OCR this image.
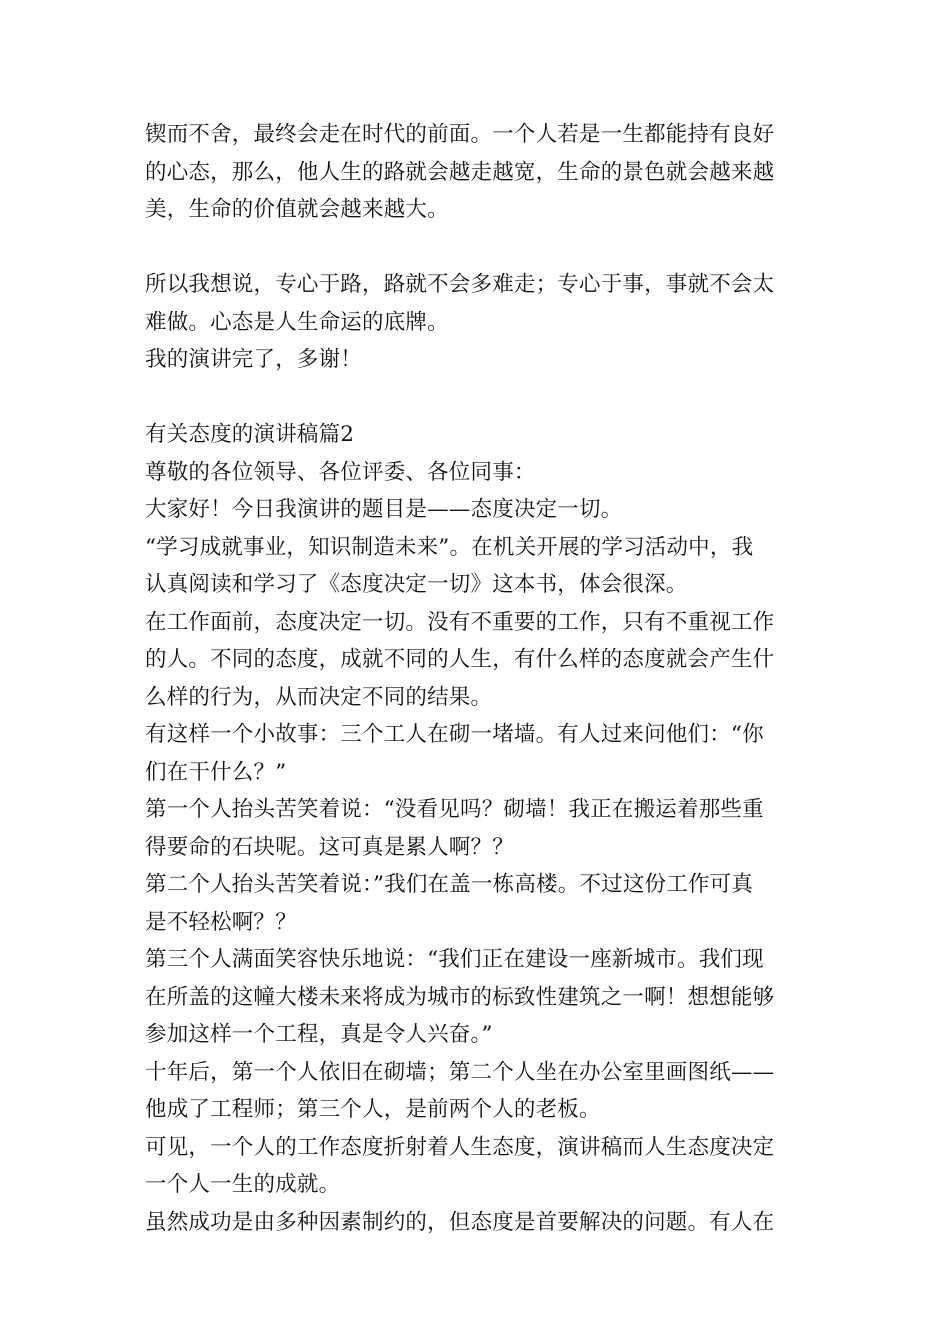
锲而不舍，最终会走在时代的前面。一个人若是一生都能持有良好
的心态，那么，他人生的路就会越走越宽，生命的景色就会越来越
美，生命的价值就会越来越大。
所以我想说，专心于路，路就不会多难走；专心于事，事就不会太
难做。心态是人生命运的底牌。
我的演讲完了，多谢！
有关态度的演讲稿篇2
尊敬的各位领导、各位评委、各位同事：
大家好！今日我演讲的题目是——态度决定一切。
“学习成就事业，知识制造未来”。在机关开展的学习活动中，我
认真阅读和学习了《态度决定一切》这本书，体会很深。
在工作面前，态度决定一切。没有不重要的工作，只有不重视工作
的人。不同的态度，成就不同的人生，有什么样的态度就会产生什
么样的行为，从而决定不同的结果。
有这样一个小故事：三个工人在砌一堵墙。有人过来问他们：“你
们在干什么？”
第一个人抬头苦笑着说：“没看见吗？砌墙！我正在搬运着那些重
得要命的石块呢。这可真是累人啊？？
第二个人抬头苦笑着说：”我们在盖一栋高楼。不过这份工作可真
是不轻松啊？？
第三个人满面笑容快乐地说：“我们正在建设一座新城市。我们现
在所盖的这幢大楼未来将成为城市的标致性建筑之一啊！想想能够
参加这样一个工程，真是令人兴奋。”
十年后，第一个人依旧在砌墙；第二个人坐在办公室里画图纸——
他成了工程师；第三个人，是前两个人的老板。
可见，一个人的工作态度折射着人生态度，演讲稿而人生态度决定
一个人一生的成就。
虽然成功是由多种因素制约的，但态度是首要解决的问题。有人在
